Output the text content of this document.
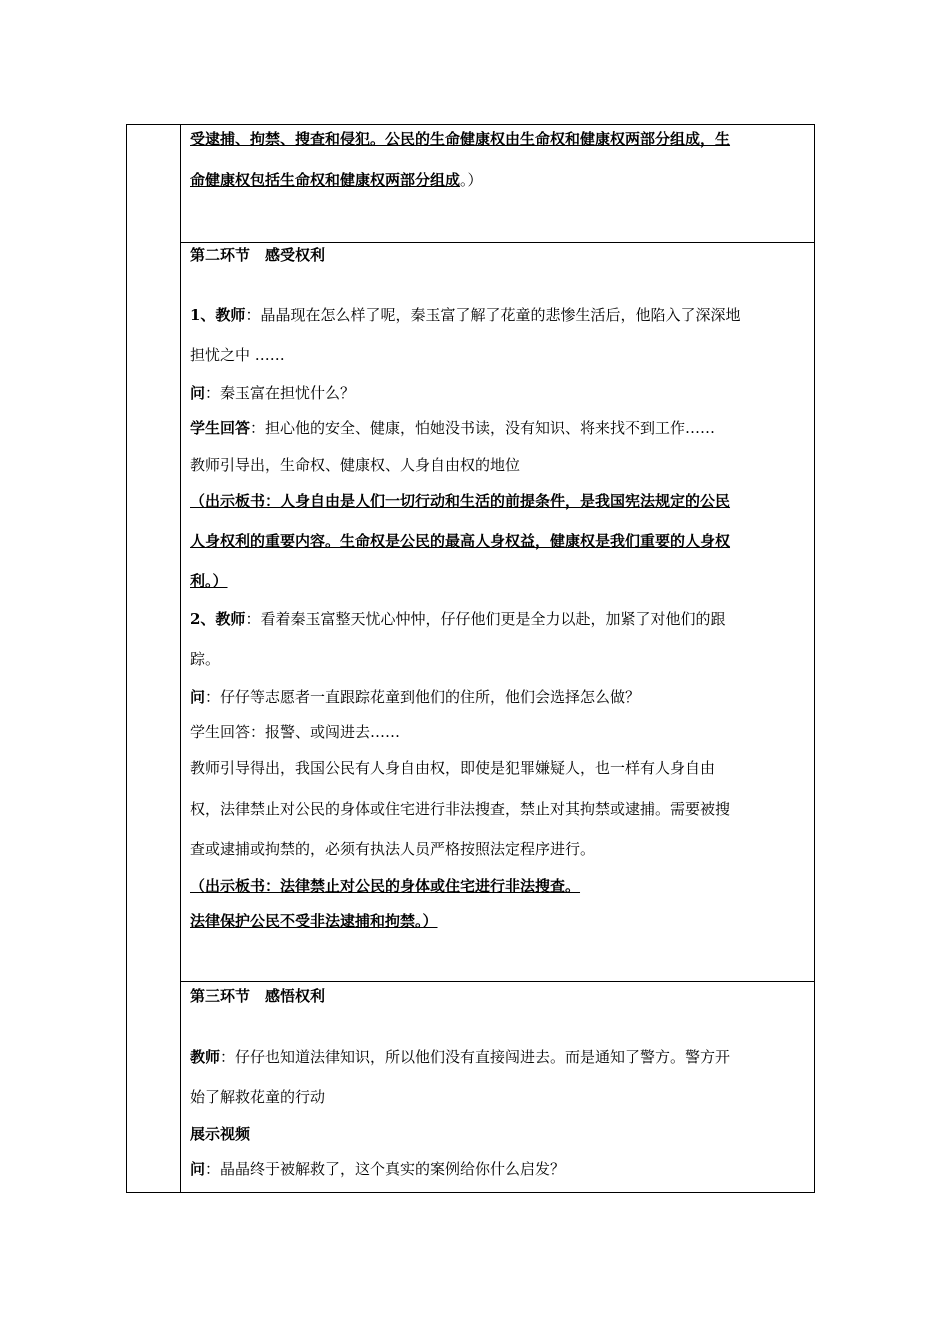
受逮捕、拘禁、搜查和侵犯。公民的生命健康权由生命权和健康权两部分组成，生
命健康权包括生命权和健康权两部分组成。）
第二环节　感受权利
1、教师：晶晶现在怎么样了呢，秦玉富了解了花童的悲惨生活后，他陷入了深深地
担忧之中 ……
问：秦玉富在担忧什么？
学生回答：担心他的安全、健康，怕她没书读，没有知识、将来找不到工作……
教师引导出，生命权、健康权、人身自由权的地位
（出示板书：人身自由是人们一切行动和生活的前提条件，是我国宪法规定的公民
人身权利的重要内容。生命权是公民的最高人身权益，健康权是我们重要的人身权
利。）
2、教师：看着秦玉富整天忧心忡忡，仔仔他们更是全力以赴，加紧了对他们的跟
踪。
问：仔仔等志愿者一直跟踪花童到他们的住所，他们会选择怎么做？
学生回答：报警、或闯进去……
教师引导得出，我国公民有人身自由权，即使是犯罪嫌疑人，也一样有人身自由
权，法律禁止对公民的身体或住宅进行非法搜查，禁止对其拘禁或逮捕。需要被搜
查或逮捕或拘禁的，必须有执法人员严格按照法定程序进行。
（出示板书：法律禁止对公民的身体或住宅进行非法搜查。
法律保护公民不受非法逮捕和拘禁。）
第三环节　感悟权利
教师：仔仔也知道法律知识，所以他们没有直接闯进去。而是通知了警方。警方开
始了解救花童的行动
展示视频
问：晶晶终于被解救了，这个真实的案例给你什么启发？
